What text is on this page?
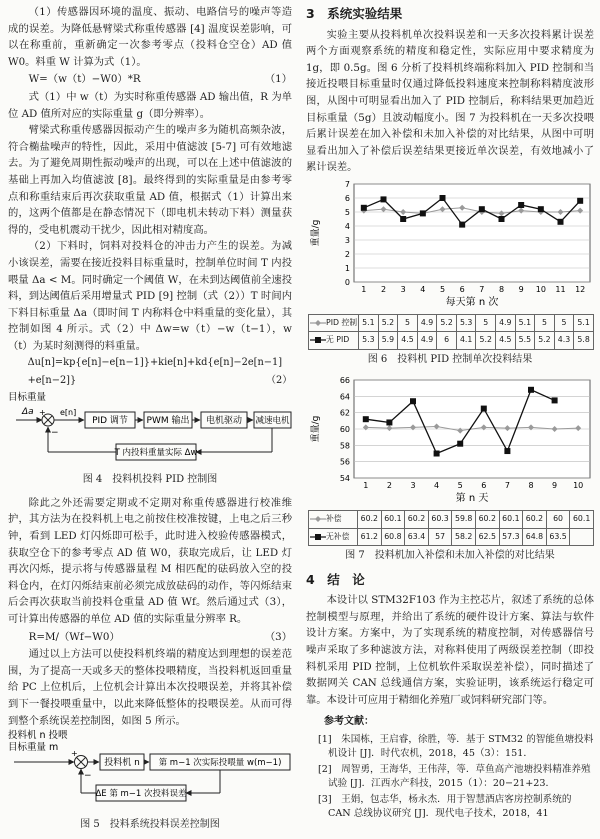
（1）传感器因环境的温度、振动、电路信号的噪声等造成的误差。为降低悬臂梁式称重传感器 [4] 温度误差影响，可以在称重前，重新确定一次参考零点（投料仓空仓）AD 值 W0。料重 W 计算为式（1）。

W=（w（t）−W0）*R	（1）

式（1）中 w（t）为实时称重传感器 AD 输出值，R 为单位 AD 值所对应的实际重量 g（即分辨率）。

臂梁式称重传感器因振动产生的噪声多为随机高频杂波，符合椭盐噪声的特性，因此，采用中值滤波 [5-7] 可有效地滤去。为了避免周期性振动噪声的出现，可以在上述中值滤波的基础上再加入均值滤波 [8]。最终得到的实际重量是由参考零点和称重结束后再次获取重量 AD 值，根据式（1）计算出来的，这两个值都是在静态情况下（即电机未转动下料）测量获得的，受电机震动干扰少，因此相对精度高。

（2）下料时，饲料对投料仓的冲击力产生的误差。为减小该误差，需要在接近投料目标重量时，控制单位时间 T 内投喂量 Δa < M。同时确定一个阈值 W，在未到达阈值前全速投料，到达阈值后采用增量式 PID [9] 控制（式（2））T 时间内下料目标重量 Δa（即时间 T 内称料仓中料重量的变化量），其控制如图 4 所示。式（2）中 Δw=w（t）−w（t−1），w（t）为某时刻测得的料重量。

Δu[n]=kp{e[n]−e[n−1]}+kie[n]+kd{e[n]−2e[n−1]
+e[n−2]}	（2）
目标重量
Δa +
−
e[n]
PID 调节 PWM 输出 电机驱动 减速电机
T 内投料重量实际 Δw
图 4　投料机投料 PID 控制图

除此之外还需要定期或不定期对称重传感器进行校准维护，其方法为在投料机上电之前按住校准按键，上电之后三秒钟，看到 LED 灯闪烁即可松手，此时进入校验传感器模式，获取空仓下的参考零点 AD 值 W0，获取完成后，让 LED 灯再次闪烁，提示将与传感器量程 M 相匹配的砝码放入空的投料仓内，在灯闪烁结束前必须完成放砝码的动作，等闪烁结束后会再次获取当前投料仓重量 AD 值 Wf。然后通过式（3），可计算出传感器的单位 AD 值的实际重量分辨率 R。

R=M/（Wf−W0）	（3）

通过以上方法可以使投料机终端的精度达到理想的误差范围，为了提高一天或多天的整体投喂精度，当投料机返回重量给 PC 上位机后，上位机会计算出本次投喂误差，并将其补偿到下一餐投喂重量中，以此来降低整体的投喂误差。从而可得到整个系统误差控制图，如图 5 所示。

投料机 n 投喂
目标重量 m
+
−
投料机 n 第 m−1 次实际投喂量 w(m−1)
ΔE 第 m−1 次投料误差
图 5　投料系统投料误差控制图
3　系统实验结果

实验主要从投料机单次投料误差和一天多次投料累计误差两个方面观察系统的精度和稳定性，实际应用中要求精度为 1g，即 0.5g。图 6 分析了投料机终端称料加入 PID 控制和当接近投喂目标重量时仅通过降低投料速度来控制称料精度波形图，从图中可明显看出加入了 PID 控制后，称料结果更加趋近目标重量（5g）且波动幅度小。图 7 为投料机在一天多次投喂后累计误差在加入补偿和未加入补偿的对比结果，从图中可明显看出加入了补偿后误差结果更接近单次误差，有效地减小了累计误差。

0
1
2
3
4
5
6
7
1 2 3 4 5 6 7 8 9 10 11 12
重量/g
每天第 n 次
PID 控制	5.1	5.2	5	4.9	5.2	5.3	5	4.9	5.1	5	5	5.1
无 PID	5.3	5.9	4.5	4.9	6	4.1	5.2	4.5	5.5	5.2	4.3	5.8
图 6　投料机 PID 控制单次投料结果
54
56
58
60
62
64
66
1 2 3 4 5 6 7 8 9 10
重量/g
第 n 天
补偿	60.2	60.1	60.2	60.3	59.8	60.2	60.1	60.2	60	60.1
无补偿	61.2	60.8	63.4	57	58.2	62.5	57.3	64.8	63.5	
图 7　投料机加入补偿和未加入补偿的对比结果
4　结　论

本设计以 STM32F103 作为主控芯片，叙述了系统的总体控制模型与原理，并给出了系统的硬件设计方案、算法与软件设计方案。方案中，为了实现系统的精度控制，对传感器信号噪声采取了多种滤波方法，对称料使用了两级误差控制（即投料机采用 PID 控制，上位机软件采取误差补偿），同时描述了数据网关 CAN 总线通信方案，实验证明，该系统运行稳定可靠。本设计可应用于精细化养殖厂或饲料研究部门等。

参考文献：
[1]　朱国栋，王启睿，徐胜，等．基于 STM32 的智能鱼塘投料机设计 [J]．时代农机，2018，45（3）：151．
[2]　周智勇，王海华，王伟萍，等．草鱼高产池塘投料精准养殖试验 [J]．江西水产科技，2015（1）：20−21+23．
[3]　王娟，包志华，杨永杰．用于智慧酒店客房控制系统的 CAN 总线协议研究 [J]．现代电子技术，2018，41
